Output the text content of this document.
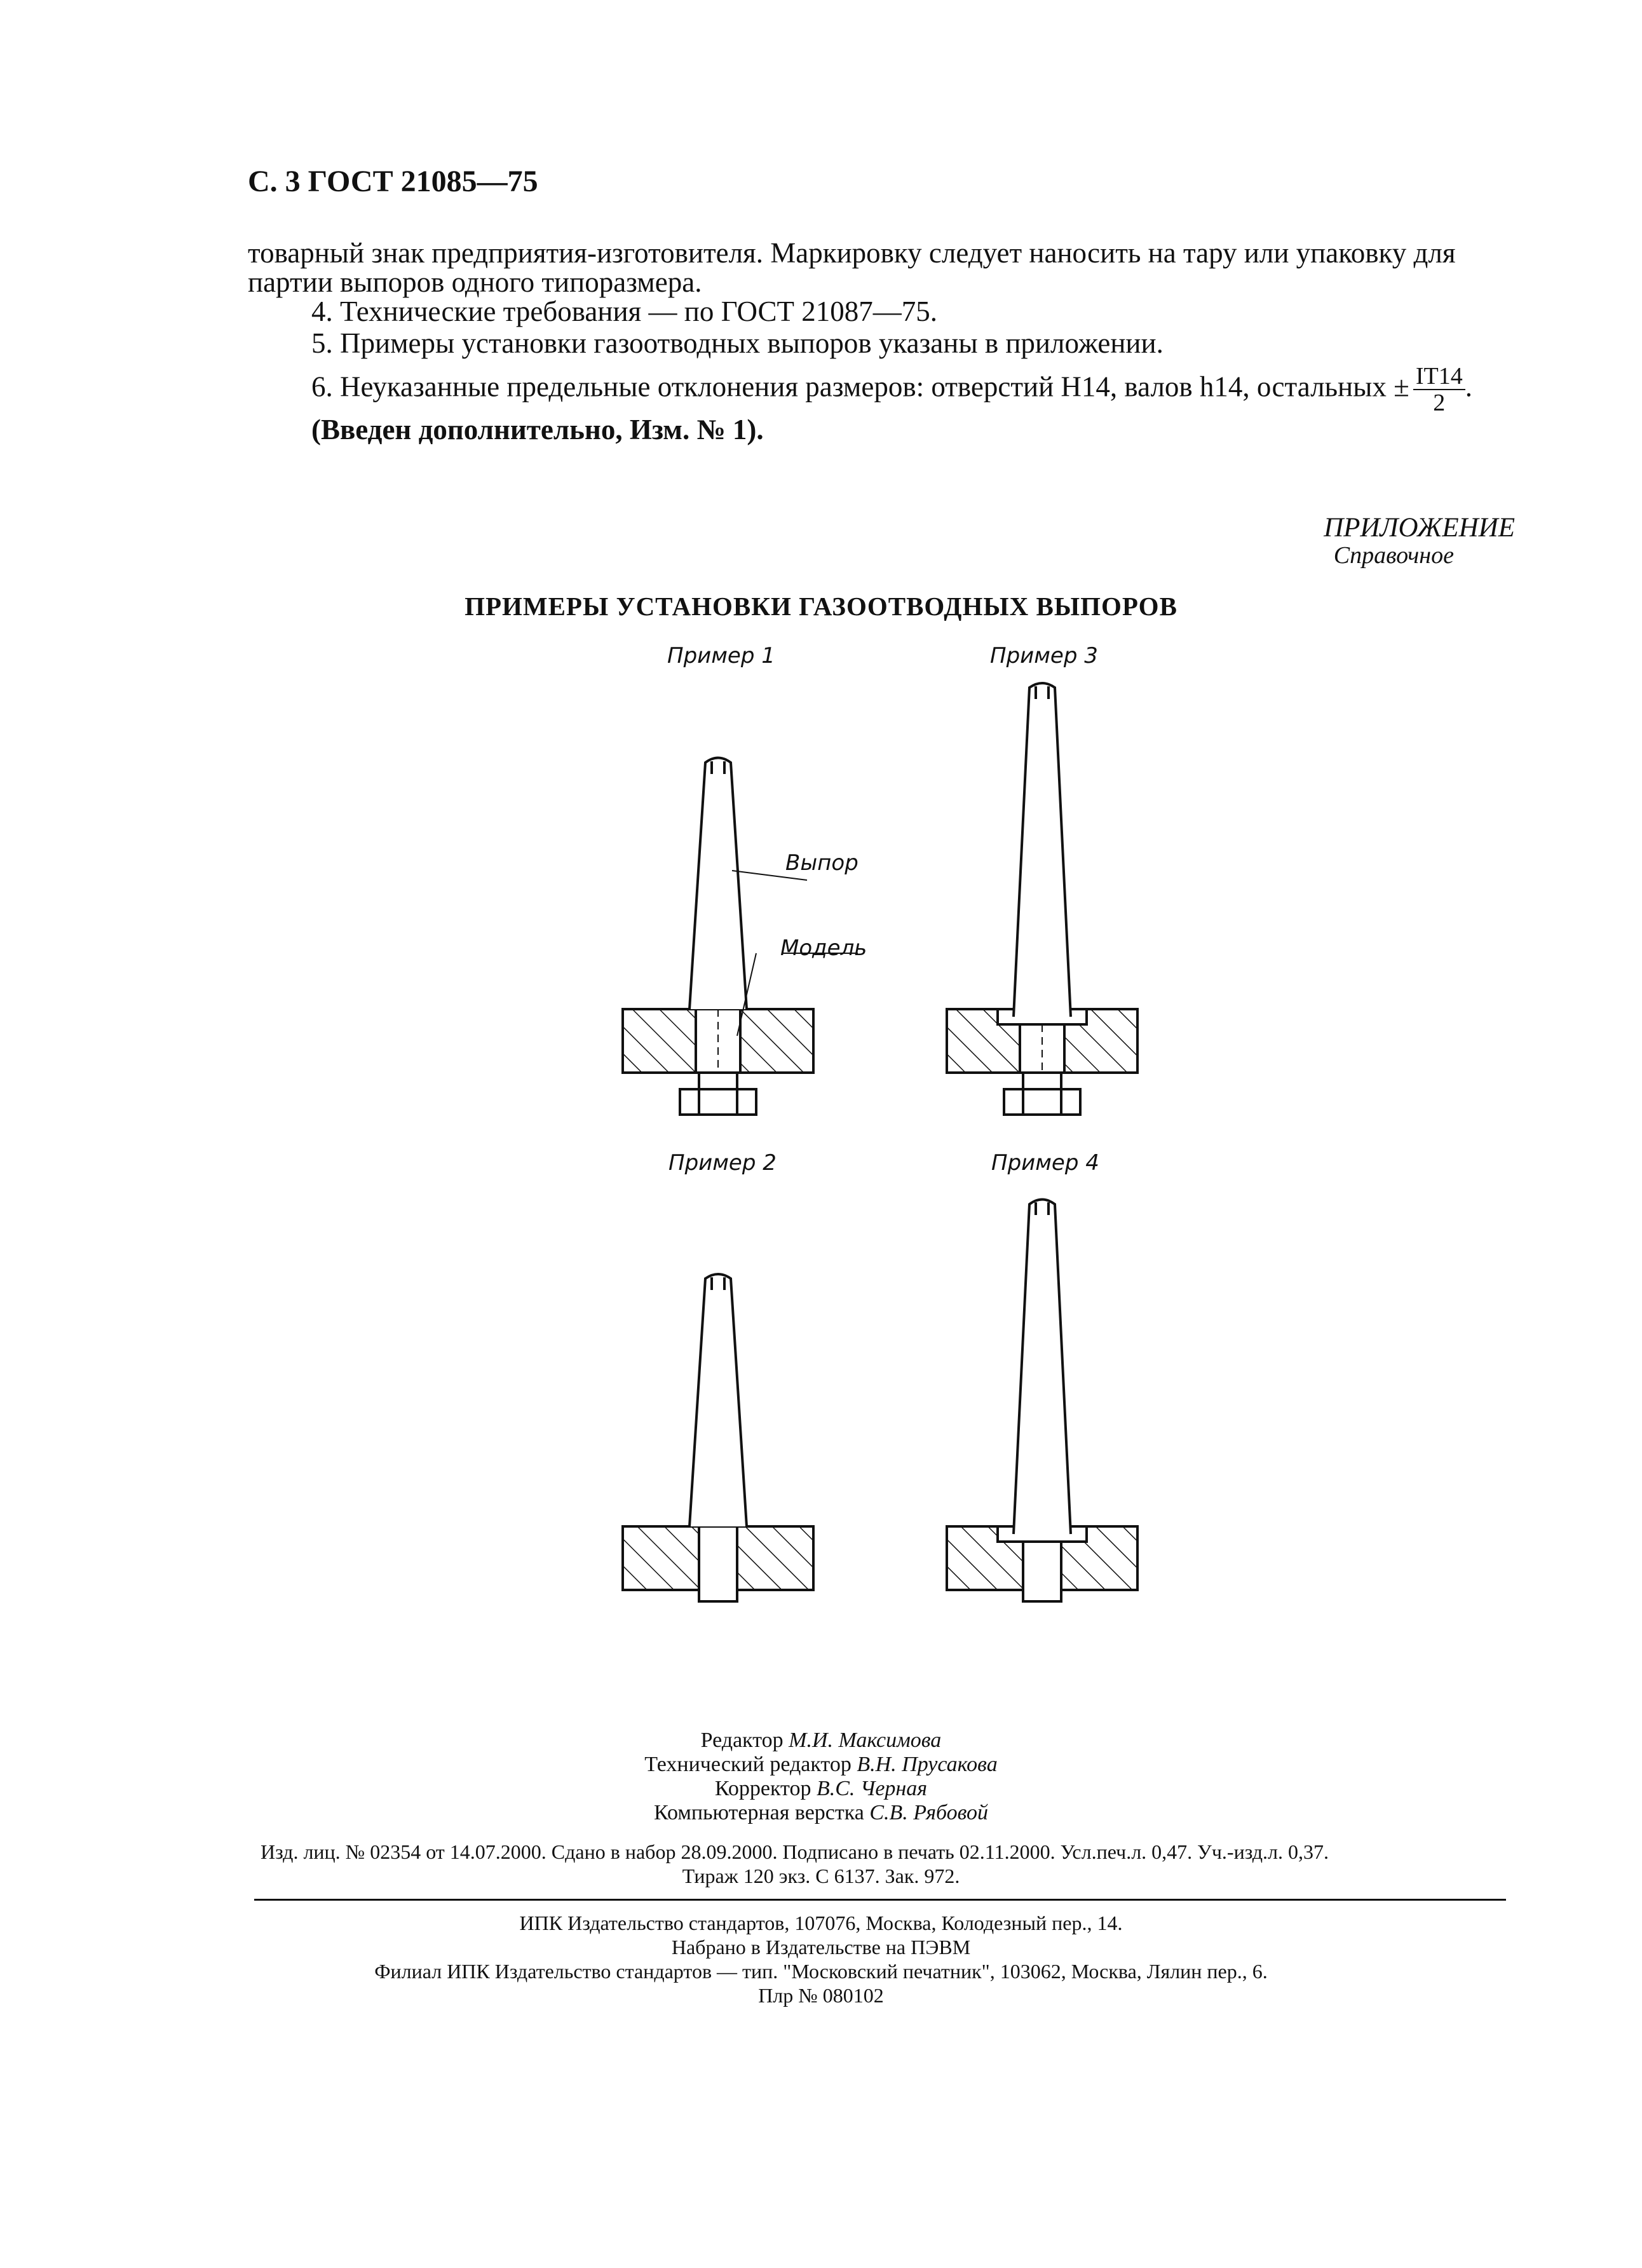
С. 3 ГОСТ 21085—75
товарный знак предприятия-изготовителя. Маркировку следует наносить на тару или упаковку для
партии выпоров одного типоразмера.
4. Технические требования — по ГОСТ 21087—75.
5. Примеры установки газоотводных выпоров указаны в приложении.
6. Неуказанные предельные отклонения размеров: отверстий H14, валов h14, остальных ± $\frac{IT14}{2}$ .
(Введен дополнительно, Изм. № 1).
ПРИЛОЖЕНИЕ
Справочное
ПРИМЕРЫ УСТАНОВКИ ГАЗООТВОДНЫХ ВЫПОРОВ
Пример 1	Пример 3
Пример 2	Пример 4
Выпор
Модель
Редактор М.И. Максимова
Технический редактор В.Н. Прусакова
Корректор В.С. Черная
Компьютерная верстка С.В. Рябовой
Изд. лиц. № 02354 от 14.07.2000. Сдано в набор 28.09.2000. Подписано в печать 02.11.2000. Усл.печ.л. 0,47. Уч.-изд.л. 0,37.
Тираж 120 экз. С 6137. Зак. 972.
ИПК Издательство стандартов, 107076, Москва, Колодезный пер., 14.
Набрано в Издательстве на ПЭВМ
Филиал ИПК Издательство стандартов — тип. "Московский печатник", 103062, Москва, Лялин пер., 6.
Плр № 080102
